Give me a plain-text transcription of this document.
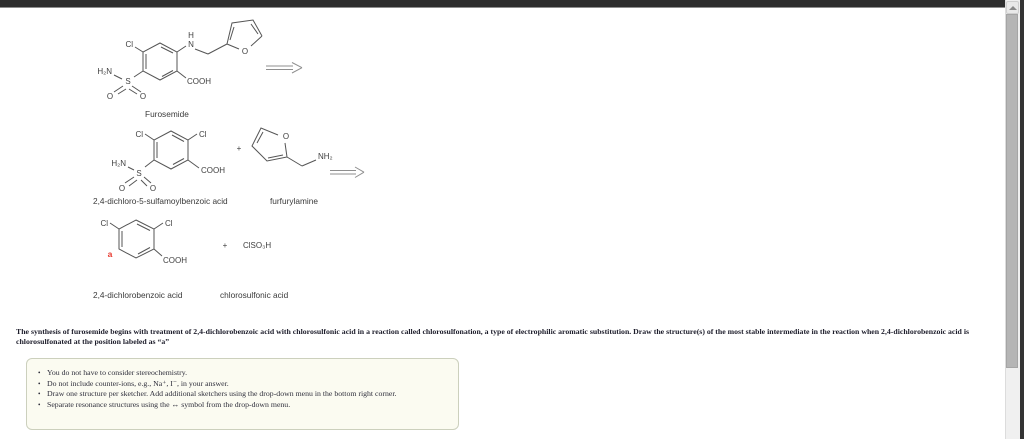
Cl
H
N
O
COOH
H₂N
S
O	O
Furosemide
Cl	Cl
H₂N
S
O	O
COOH
2,4-dichloro-5-sulfamoylbenzoic acid
+
O
NH₂
furfurylamine
Cl	Cl
a
COOH
2,4-dichlorobenzoic acid
+ ClSO₃H
chlorosulfonic acid

The synthesis of furosemide begins with treatment of 2,4-dichlorobenzoic acid with chlorosulfonic acid in a reaction called chlorosulfonation, a type of electrophilic aromatic substitution. Draw the structure(s) of the most stable intermediate in the reaction when 2,4-dichlorobenzoic acid is chlorosulfonated at the position labeled as “a”

• You do not have to consider stereochemistry.
• Do not include counter-ions, e.g., Na⁺, I⁻, in your answer.
• Draw one structure per sketcher. Add additional sketchers using the drop-down menu in the bottom right corner.
• Separate resonance structures using the ↔ symbol from the drop-down menu.
